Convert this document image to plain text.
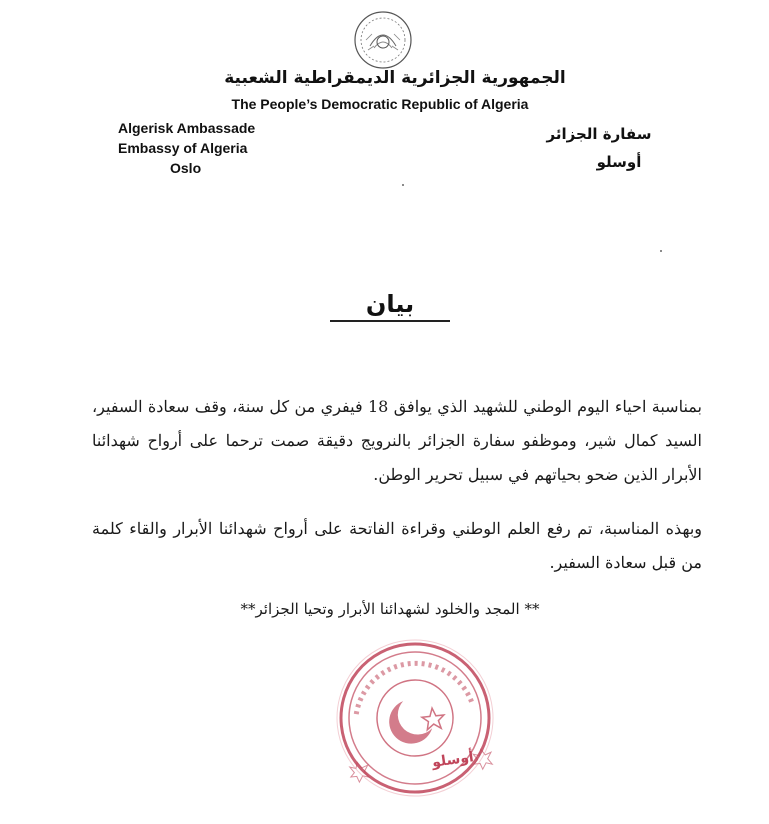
الجمهورية الجزائرية الديمقراطية الشعبية
The People’s Democratic Republic of Algeria
Algerisk Ambassade
Embassy of Algeria
Oslo
سفارة الجزائر
أوسلو
بيان
بمناسبة احياء اليوم الوطني للشهيد الذي يوافق 18 فيفري من كل سنة، وقف سعادة السفير، السيد كمال شير، وموظفو سفارة الجزائر بالنرويج دقيقة صمت ترحما على أرواح شهدائنا الأبرار الذين ضحو بحياتهم في سبيل تحرير الوطن.
وبهذه المناسبة، تم رفع العلم الوطني وقراءة الفاتحة على أرواح شهدائنا الأبرار والقاء كلمة من قبل سعادة السفير.
** المجد والخلود لشهدائنا الأبرار وتحيا الجزائر**
أوسلو
